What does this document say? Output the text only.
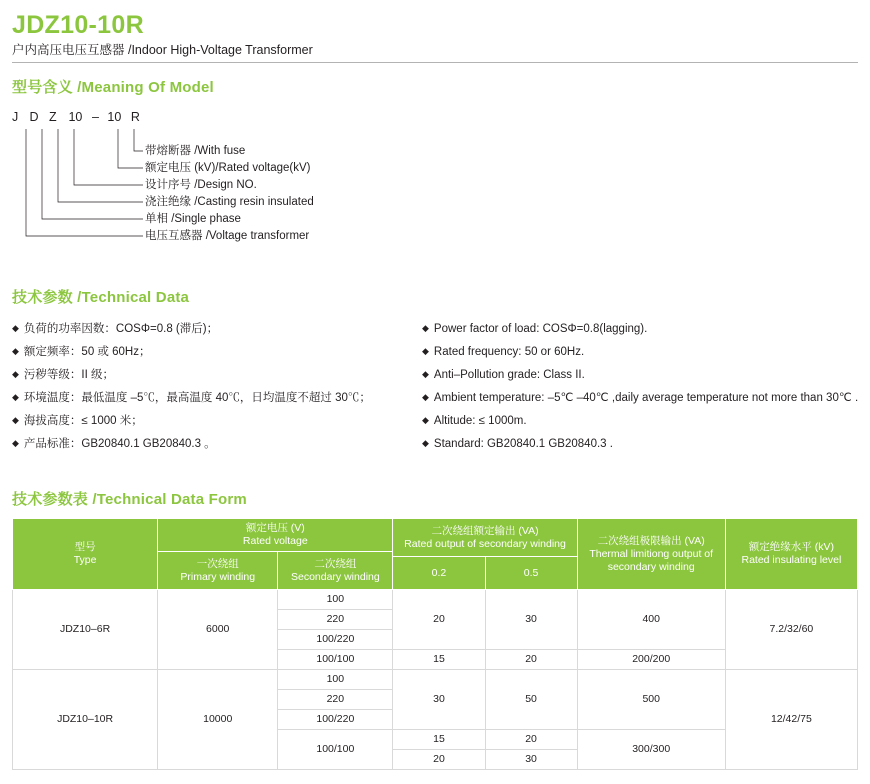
JDZ10-10R
户内高压电压互感器 /Indoor High-Voltage Transformer
型号含义 /Meaning Of Model
J D Z 10 – 10 R
带熔断器 /With fuse
额定电压 (kV)/Rated voltage(kV)
设计序号 /Design NO.
浇注绝缘 /Casting resin insulated
单相 /Single phase
电压互感器 /Voltage transformer
技术参数 /Technical Data
◆ 负荷的功率因数：COSΦ=0.8 (滞后)；
◆ 额定频率：50 或 60Hz；
◆ 污秽等级：II 级；
◆ 环境温度：最低温度 –5℃，最高温度 40℃，日均温度不超过 30℃；
◆ 海拔高度：≤ 1000 米；
◆ 产品标准：GB20840.1 GB20840.3 。
◆ Power factor of load: COSΦ=0.8(lagging).
◆ Rated frequency: 50 or 60Hz.
◆ Anti–Pollution grade: Class II.
◆ Ambient temperature: –5℃ –40℃ ,daily average temperature not more than 30℃ .
◆ Altitude: ≤ 1000m.
◆ Standard: GB20840.1 GB20840.3 .
技术参数表 /Technical Data Form
型号
Type	额定电压 (V)
Rated voltage		二次绕组额定输出 (VA)
Rated output of secondary winding		二次绕组极限输出 (VA)
Thermal limitiong output of secondary winding	额定绝缘水平 (kV)
Rated insulating level

	一次绕组
Primary winding	二次绕组
Secondary winding				

			0.2	0.5		
JDZ10–6R	6000	100	20	30	400	7.2/32/60
		220				
		100/220				
		100/100	15	20	200/200	
JDZ10–10R	10000	100	30	50	500	12/42/75
		220				
		100/220				
		100/100	15	20	300/300	
			20	30		
